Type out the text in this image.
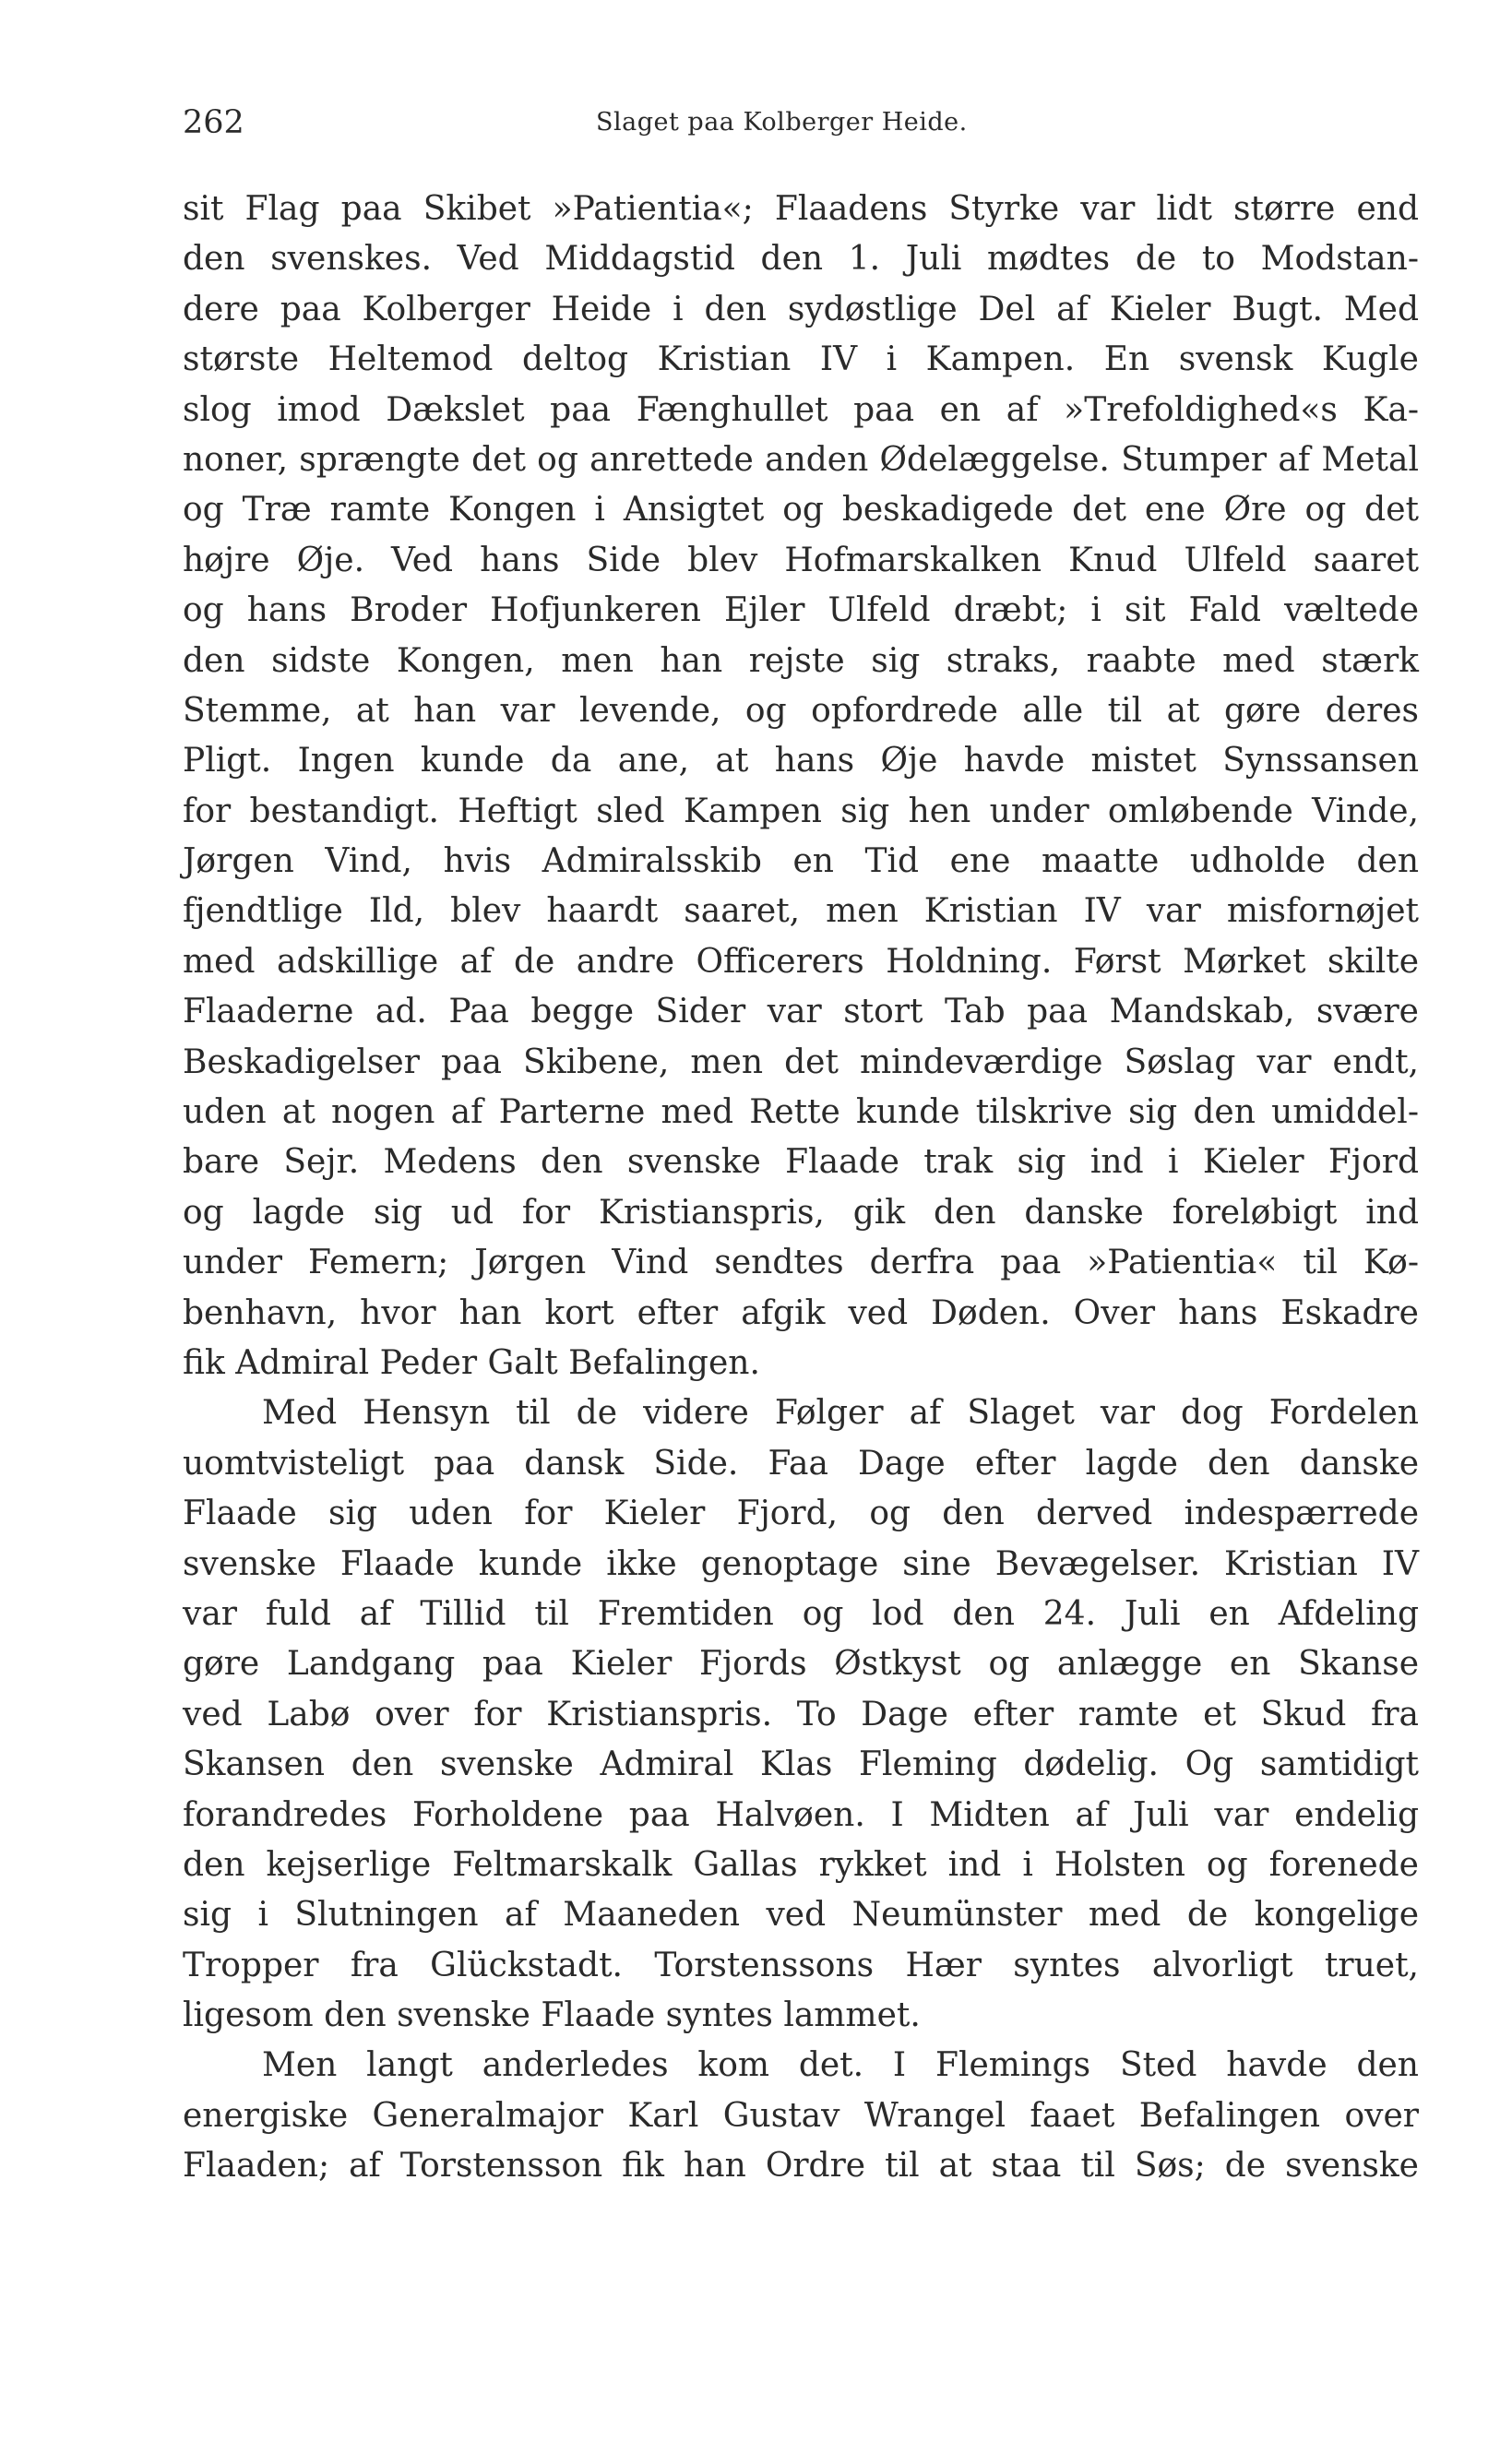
262	Slaget paa Kolberger Heide.
sit Flag paa Skibet »Patientia«; Flaadens Styrke var lidt større end
den svenskes. Ved Middagstid den 1. Juli mødtes de to Modstan-
dere paa Kolberger Heide i den sydøstlige Del af Kieler Bugt. Med
største Heltemod deltog Kristian IV i Kampen. En svensk Kugle
slog imod Dækslet paa Fænghullet paa en af »Trefoldighed«s Ka-
noner, sprængte det og anrettede anden Ødelæggelse. Stumper af Metal
og Træ ramte Kongen i Ansigtet og beskadigede det ene Øre og det
højre Øje. Ved hans Side blev Hofmarskalken Knud Ulfeld saaret
og hans Broder Hofjunkeren Ejler Ulfeld dræbt; i sit Fald væltede
den sidste Kongen, men han rejste sig straks, raabte med stærk
Stemme, at han var levende, og opfordrede alle til at gøre deres
Pligt. Ingen kunde da ane, at hans Øje havde mistet Synssansen
for bestandigt. Heftigt sled Kampen sig hen under omløbende Vinde,
Jørgen Vind, hvis Admiralsskib en Tid ene maatte udholde den
fjendtlige Ild, blev haardt saaret, men Kristian IV var misfornøjet
med adskillige af de andre Officerers Holdning. Først Mørket skilte
Flaaderne ad. Paa begge Sider var stort Tab paa Mandskab, svære
Beskadigelser paa Skibene, men det mindeværdige Søslag var endt,
uden at nogen af Parterne med Rette kunde tilskrive sig den umiddel-
bare Sejr. Medens den svenske Flaade trak sig ind i Kieler Fjord
og lagde sig ud for Kristianspris, gik den danske foreløbigt ind
under Femern; Jørgen Vind sendtes derfra paa »Patientia« til Kø-
benhavn, hvor han kort efter afgik ved Døden. Over hans Eskadre
fik Admiral Peder Galt Befalingen.
Med Hensyn til de videre Følger af Slaget var dog Fordelen
uomtvisteligt paa dansk Side. Faa Dage efter lagde den danske
Flaade sig uden for Kieler Fjord, og den derved indespærrede
svenske Flaade kunde ikke genoptage sine Bevægelser. Kristian IV
var fuld af Tillid til Fremtiden og lod den 24. Juli en Afdeling
gøre Landgang paa Kieler Fjords Østkyst og anlægge en Skanse
ved Labø over for Kristianspris. To Dage efter ramte et Skud fra
Skansen den svenske Admiral Klas Fleming dødelig. Og samtidigt
forandredes Forholdene paa Halvøen. I Midten af Juli var endelig
den kejserlige Feltmarskalk Gallas rykket ind i Holsten og forenede
sig i Slutningen af Maaneden ved Neumünster med de kongelige
Tropper fra Glückstadt. Torstenssons Hær syntes alvorligt truet,
ligesom den svenske Flaade syntes lammet.
Men langt anderledes kom det. I Flemings Sted havde den
energiske Generalmajor Karl Gustav Wrangel faaet Befalingen over
Flaaden; af Torstensson fik han Ordre til at staa til Søs; de svenske
